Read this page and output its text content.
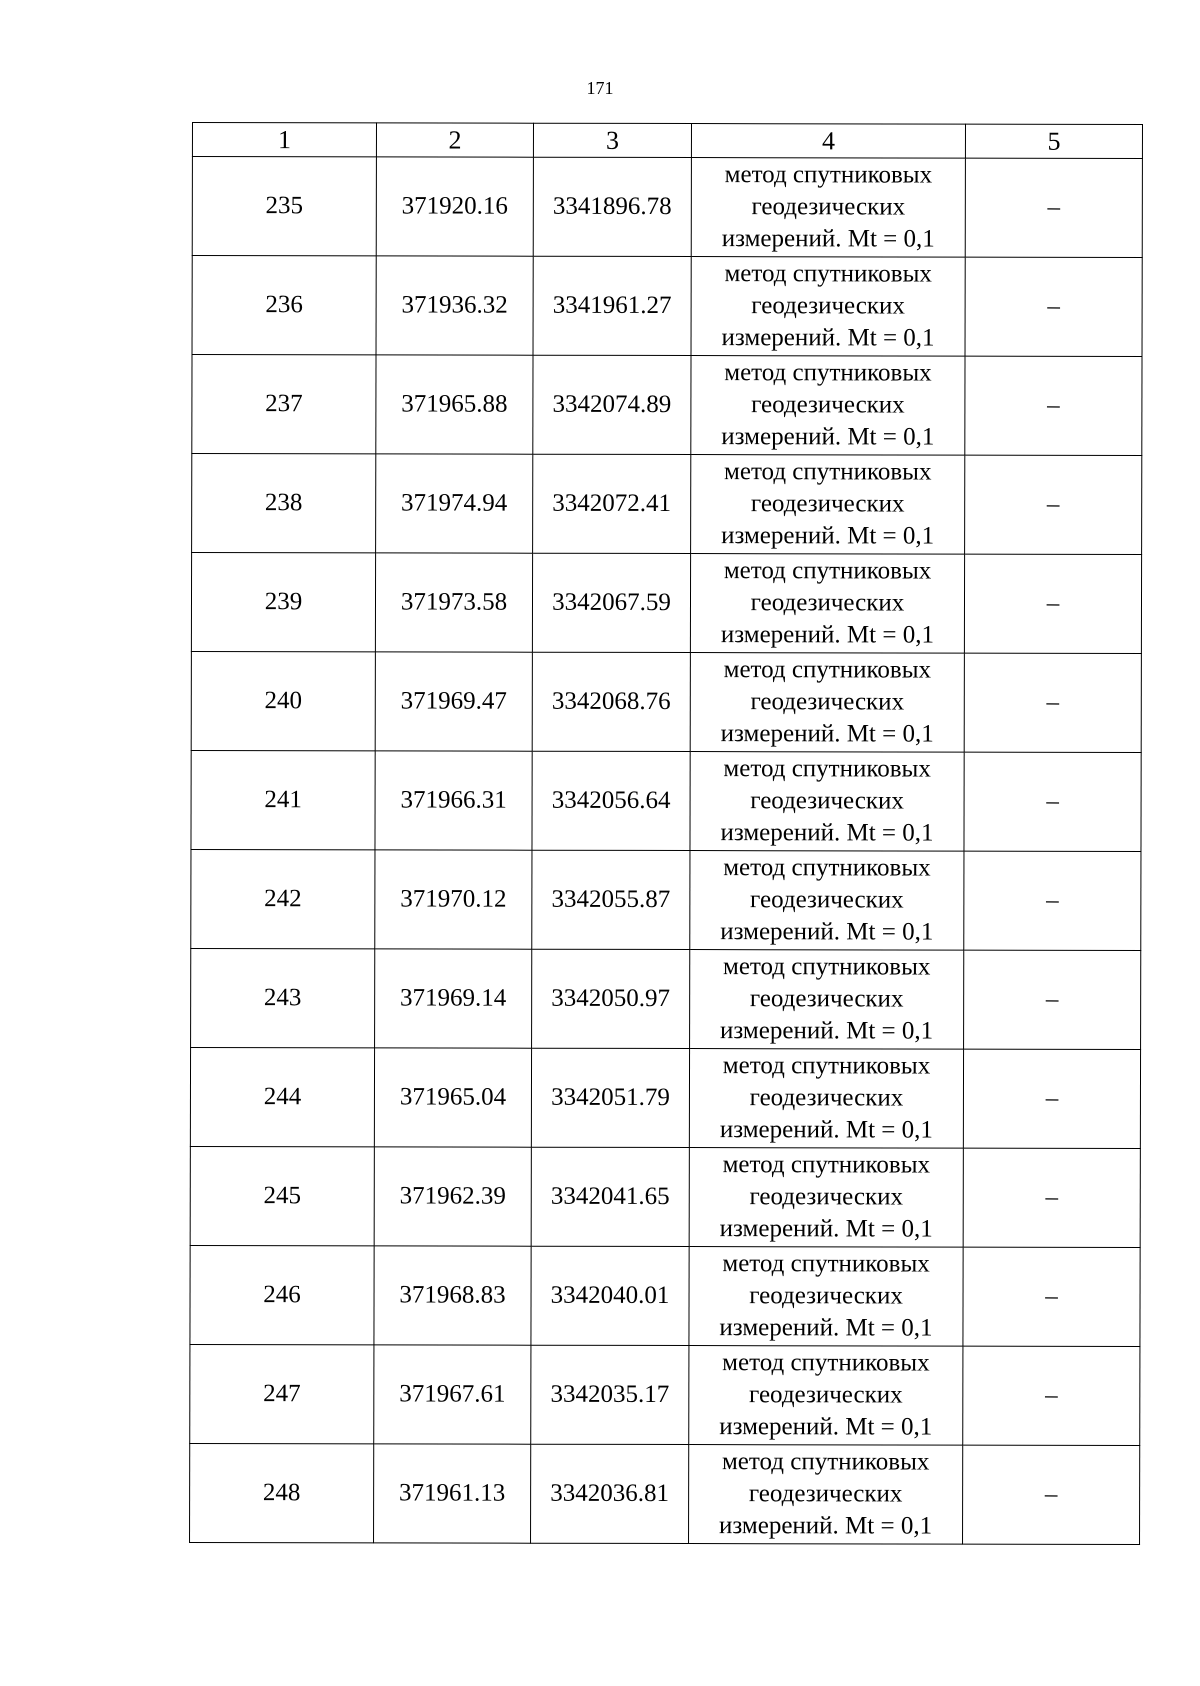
171
1	2	3	4	5
235	371920.16	3341896.78	метод спутниковых
геодезических
измерений. Mt = 0,1	–
236	371936.32	3341961.27	метод спутниковых
геодезических
измерений. Mt = 0,1	–
237	371965.88	3342074.89	метод спутниковых
геодезических
измерений. Mt = 0,1	–
238	371974.94	3342072.41	метод спутниковых
геодезических
измерений. Mt = 0,1	–
239	371973.58	3342067.59	метод спутниковых
геодезических
измерений. Mt = 0,1	–
240	371969.47	3342068.76	метод спутниковых
геодезических
измерений. Mt = 0,1	–
241	371966.31	3342056.64	метод спутниковых
геодезических
измерений. Mt = 0,1	–
242	371970.12	3342055.87	метод спутниковых
геодезических
измерений. Mt = 0,1	–
243	371969.14	3342050.97	метод спутниковых
геодезических
измерений. Mt = 0,1	–
244	371965.04	3342051.79	метод спутниковых
геодезических
измерений. Mt = 0,1	–
245	371962.39	3342041.65	метод спутниковых
геодезических
измерений. Mt = 0,1	–
246	371968.83	3342040.01	метод спутниковых
геодезических
измерений. Mt = 0,1	–
247	371967.61	3342035.17	метод спутниковых
геодезических
измерений. Mt = 0,1	–
248	371961.13	3342036.81	метод спутниковых
геодезических
измерений. Mt = 0,1	–
